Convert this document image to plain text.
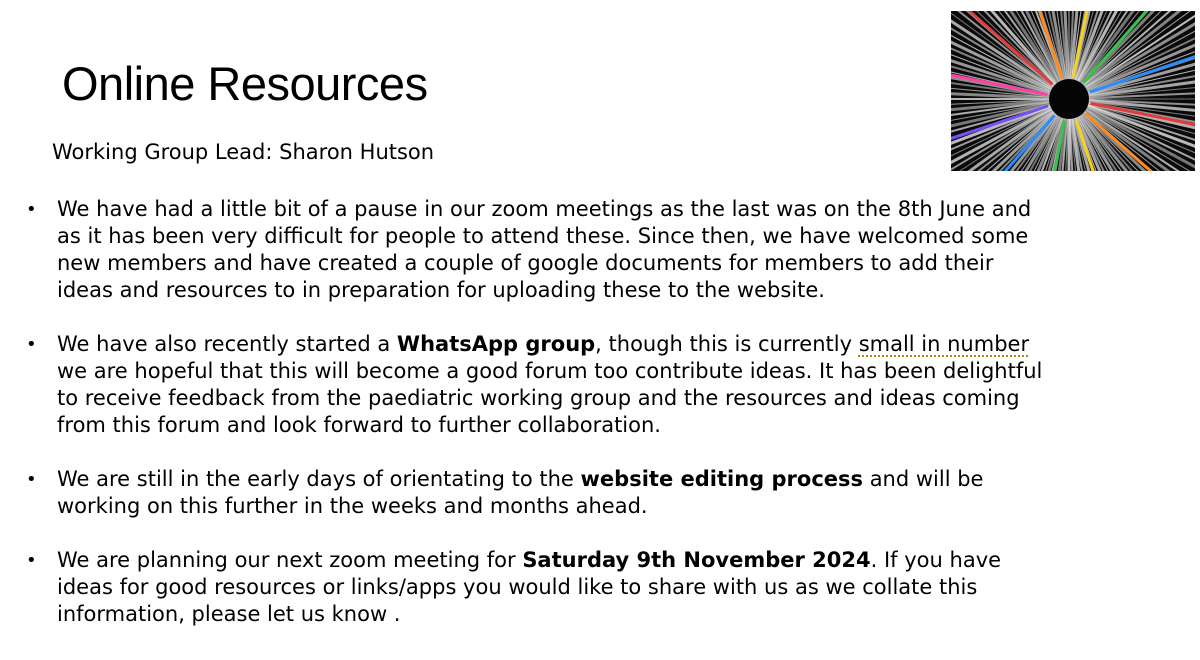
Online Resources
Working Group Lead: Sharon Hutson
• We have had a little bit of a pause in our zoom meetings as the last was on the 8th June and
as it has been very difficult for people to attend these. Since then, we have welcomed some
new members and have created a couple of google documents for members to add their
ideas and resources to in preparation for uploading these to the website.
• We have also recently started a WhatsApp group, though this is currently small in number
we are hopeful that this will become a good forum too contribute ideas. It has been delightful
to receive feedback from the paediatric working group and the resources and ideas coming
from this forum and look forward to further collaboration.
• We are still in the early days of orientating to the website editing process and will be
working on this further in the weeks and months ahead.
• We are planning our next zoom meeting for Saturday 9th November 2024. If you have
ideas for good resources or links/apps you would like to share with us as we collate this
information, please let us know .
